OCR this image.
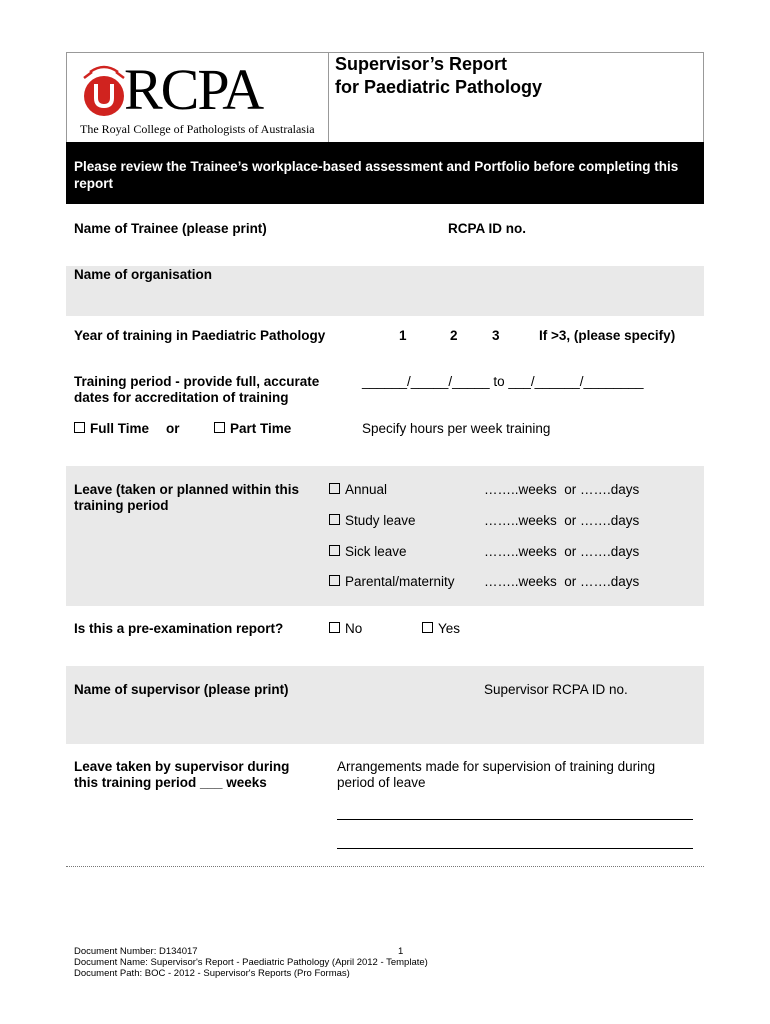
RCPA
The Royal College of Pathologists of Australasia
Supervisor’s Report
for Paediatric Pathology
Please review the Trainee’s workplace-based assessment and Portfolio before completing this report
Name of Trainee (please print)	RCPA ID no.
Name of organisation
Year of training in Paediatric Pathology	1	2	3	If >3, (please specify)
Training period - provide full, accurate
dates for accreditation of training
______/_____/_____ to ___/______/________
Full Time or	Part Time	Specify hours per week training
Leave (taken or planned within this
training period
Annual	……..weeks  or …….days
Study leave	……..weeks  or …….days
Sick leave	……..weeks  or …….days
Parental/maternity ……..weeks  or …….days
Is this a pre-examination report?	No	Yes
Name of supervisor (please print)	Supervisor RCPA ID no.
Leave taken by supervisor during
this training period ___ weeks
Arrangements made for supervision of training during
period of leave
Document Number: D134017
Document Name: Supervisor's Report - Paediatric Pathology (April 2012 - Template)
Document Path: BOC - 2012 - Supervisor's Reports (Pro Formas)
1
